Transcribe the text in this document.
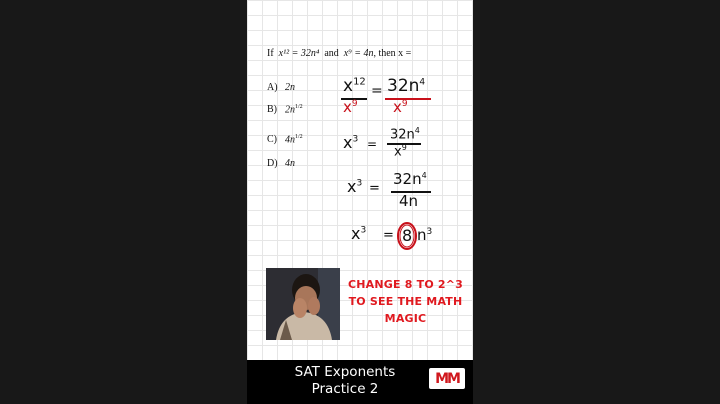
If x¹² = 32n⁴ and x⁹ = 4n, then x =
A) 2n
B) $2n^{1/2}$
C) $4n^{1/2}$
D) 4n
$x^{12}$
$x^9$
= $32n^4$
$x^9$
$x^3$ =
$32n^4$
$x^9$
$x^3$ =
$32n^4$
4n
$x^3 = 8$ $n^3$
CHANGE 8 TO 2^3 TO SEE THE MATH MAGIC
SAT Exponents Practice 2
MM
